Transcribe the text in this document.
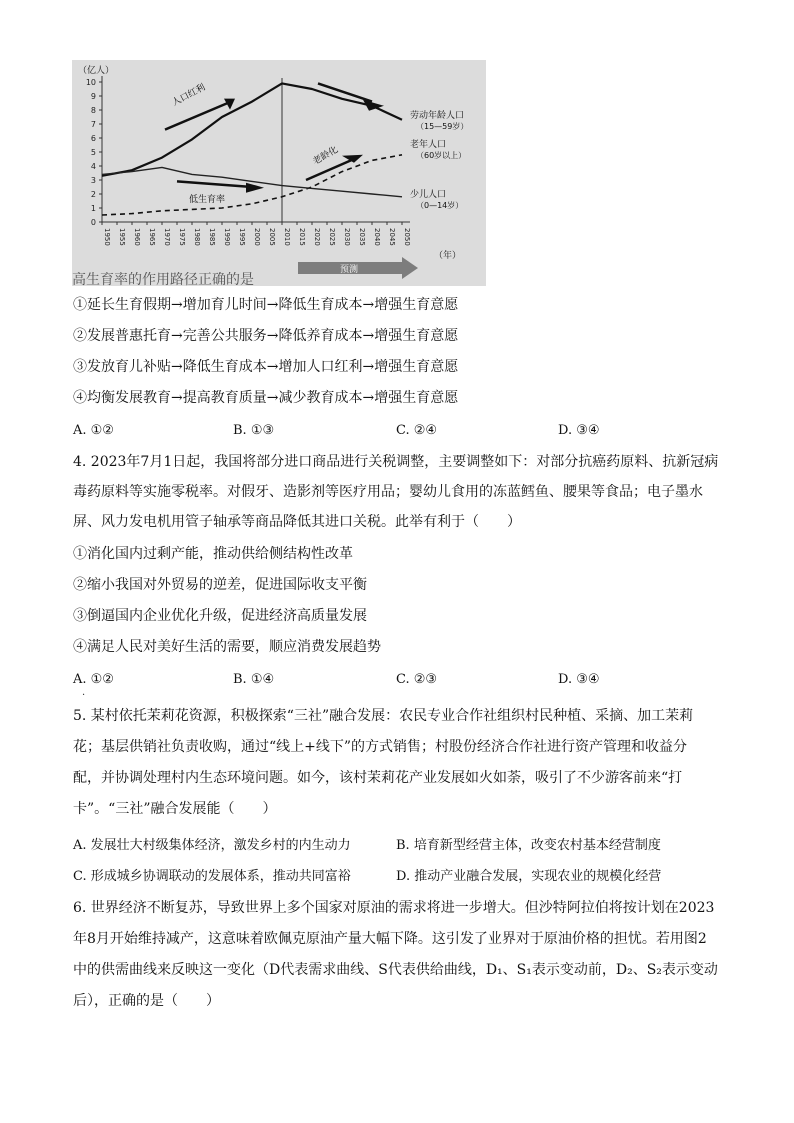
（亿人）
（年）
0
1
2
3
4
5
6
7
8
9
10
1950 1955 1960 1965 1970 1975 1980 1985 1990 1995 2000 2005 2010 2015 2020 2025 2030 2035 2040 2045 2050
劳动年龄人口
（15—59岁）
老年人口
（60岁以上）
少儿人口
（0—14岁）
人口红利
老龄化
低生育率
预测
高生育率的作用路径正确的是
①延长生育假期→增加育儿时间→降低生育成本→增强生育意愿
②发展普惠托育→完善公共服务→降低养育成本→增强生育意愿
③发放育儿补贴→降低生育成本→增加人口红利→增强生育意愿
④均衡发展教育→提高教育质量→减少教育成本→增强生育意愿
A. ①②	B. ①③	C. ②④	D. ③④
4. 2023年7月1日起，我国将部分进口商品进行关税调整，主要调整如下：对部分抗癌药原料、抗新冠病
毒药原料等实施零税率。对假牙、造影剂等医疗用品；婴幼儿食用的冻蓝鳕鱼、腰果等食品；电子墨水
屏、风力发电机用管子轴承等商品降低其进口关税。此举有利于（　　）
①消化国内过剩产能，推动供给侧结构性改革
②缩小我国对外贸易的逆差，促进国际收支平衡
③倒逼国内企业优化升级，促进经济高质量发展
④满足人民对美好生活的需要，顺应消费发展趋势
A. ①②	B. ①④	C. ②③	D. ③④
·
5. 某村依托茉莉花资源，积极探索“三社”融合发展：农民专业合作社组织村民种植、采摘、加工茉莉
花；基层供销社负责收购，通过“线上+线下”的方式销售；村股份经济合作社进行资产管理和收益分
配，并协调处理村内生态环境问题。如今，该村茉莉花产业发展如火如荼，吸引了不少游客前来“打
卡”。“三社”融合发展能（　　）
A. 发展壮大村级集体经济，激发乡村的内生动力	B. 培育新型经营主体，改变农村基本经营制度
C. 形成城乡协调联动的发展体系，推动共同富裕	D. 推动产业融合发展，实现农业的规模化经营
6. 世界经济不断复苏，导致世界上多个国家对原油的需求将进一步增大。但沙特阿拉伯将按计划在2023
年8月开始维持减产，这意味着欧佩克原油产量大幅下降。这引发了业界对于原油价格的担忧。若用图2
中的供需曲线来反映这一变化（D代表需求曲线、S代表供给曲线，D₁、S₁表示变动前，D₂、S₂表示变动
后），正确的是（　　）
